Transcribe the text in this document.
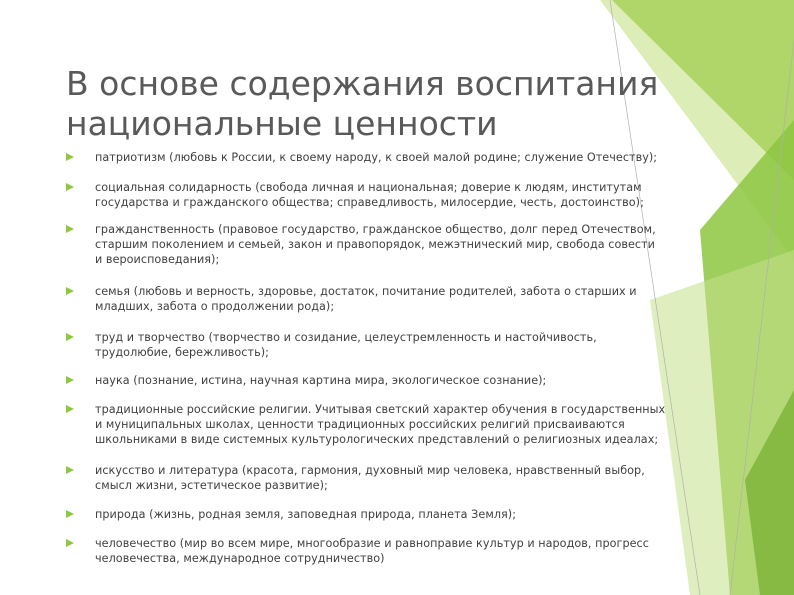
В основе содержания воспитания
национальные ценности
патриотизм (любовь к России, к своему народу, к своей малой родине; служение Отечеству);
социальная солидарность (свобода личная и национальная; доверие к людям, институтам
государства и гражданского общества; справедливость, милосердие, честь, достоинство);
гражданственность (правовое государство, гражданское общество, долг перед Отечеством,
старшим поколением и семьей, закон и правопорядок, межэтнический мир, свобода совести
и вероисповедания);
семья (любовь и верность, здоровье, достаток, почитание родителей, забота о старших и
младших, забота о продолжении рода);
труд и творчество (творчество и созидание, целеустремленность и настойчивость,
трудолюбие, бережливость);
наука (познание, истина, научная картина мира, экологическое сознание);
традиционные российские религии. Учитывая светский характер обучения в государственных
и муниципальных школах, ценности традиционных российских религий присваиваются
школьниками в виде системных культурологических представлений о религиозных идеалах;
искусство и литература (красота, гармония, духовный мир человека, нравственный выбор,
смысл жизни, эстетическое развитие);
природа (жизнь, родная земля, заповедная природа, планета Земля);
человечество (мир во всем мире, многообразие и равноправие культур и народов, прогресс
человечества, международное сотрудничество)
